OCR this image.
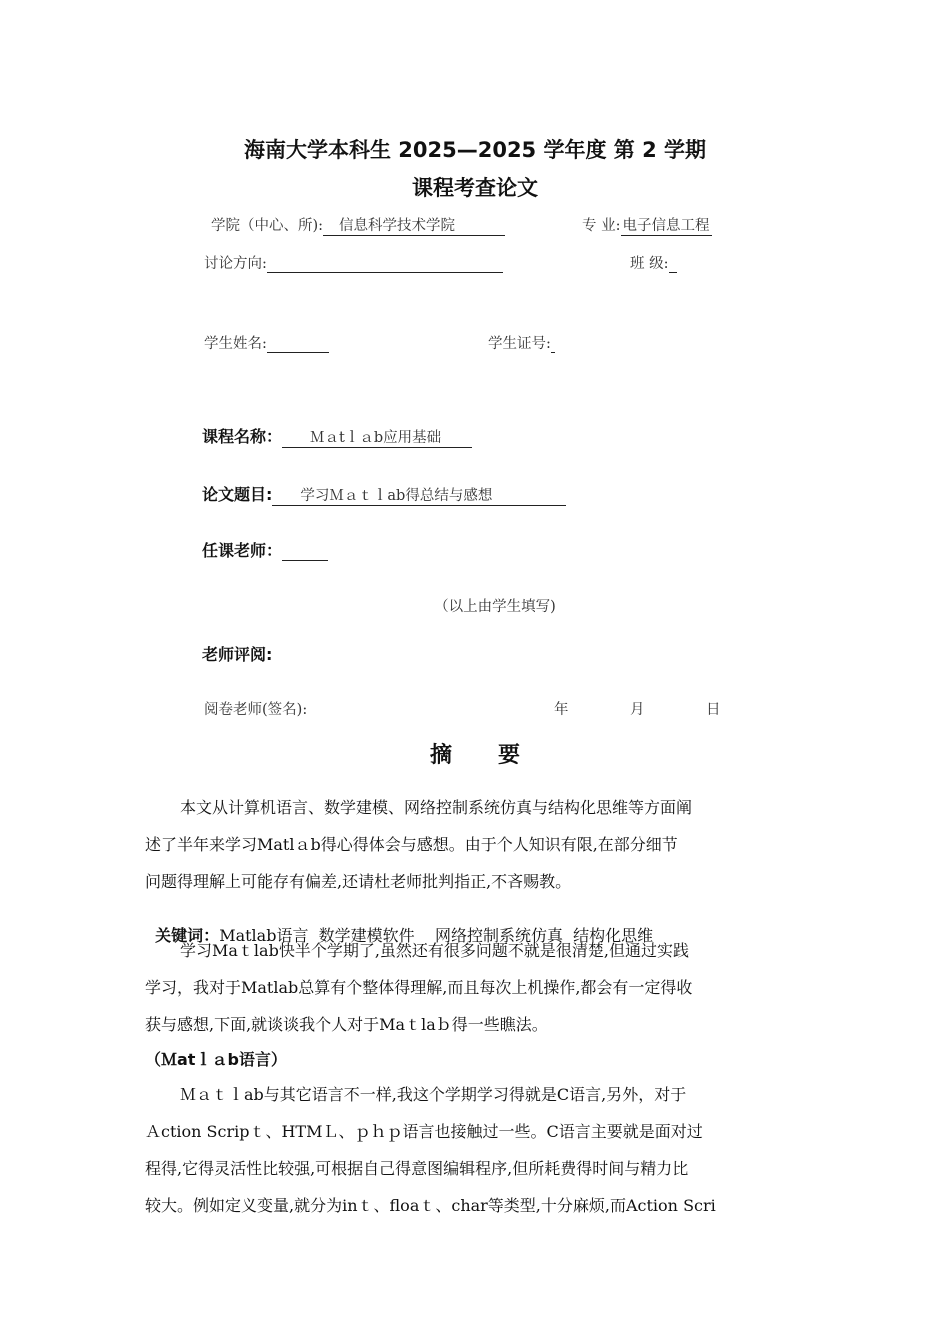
海南大学本科生 2025—2025 学年度 第 2 学期
课程考查论文
学院（中心、所): 信息科学技术学院	专 业: 电子信息工程
讨论方向:	班 级:
学生姓名:	学生证号:
课程名称： Ｍａtｌａb应用基础
论文题目: 学习Ｍａｔｌab得总结与感想
任课老师：
（以上由学生填写)
老师评阅:
阅卷老师(签名):	年	月	日
摘      要
本文从计算机语言、数学建模、网络控制系统仿真与结构化思维等方面阐
述了半年来学习Matlａb得心得体会与感想。由于个人知识有限,在部分细节
问题得理解上可能存有偏差,还请杜老师批判指正,不吝赐教。

关键词：Matlab语言  数学建模软件    网络控制系统仿真  结构化思维

学习Maｔlab快半个学期了,虽然还有很多问题不就是很清楚,但通过实践
学习，我对于Matlab总算有个整体得理解,而且每次上机操作,都会有一定得收
获与感想,下面,就谈谈我个人对于Maｔlaｂ得一些瞧法。
（Ｍatｌａb语言）
Ｍａｔｌab与其它语言不一样,我这个学期学习得就是C语言,另外，对于
Ａction Scripｔ、HTMＬ、ｐｈｐ语言也接触过一些。C语言主要就是面对过
程得,它得灵活性比较强,可根据自己得意图编辑程序,但所耗费得时间与精力比
较大。例如定义变量,就分为inｔ、floaｔ、char等类型,十分麻烦,而Action Scri
